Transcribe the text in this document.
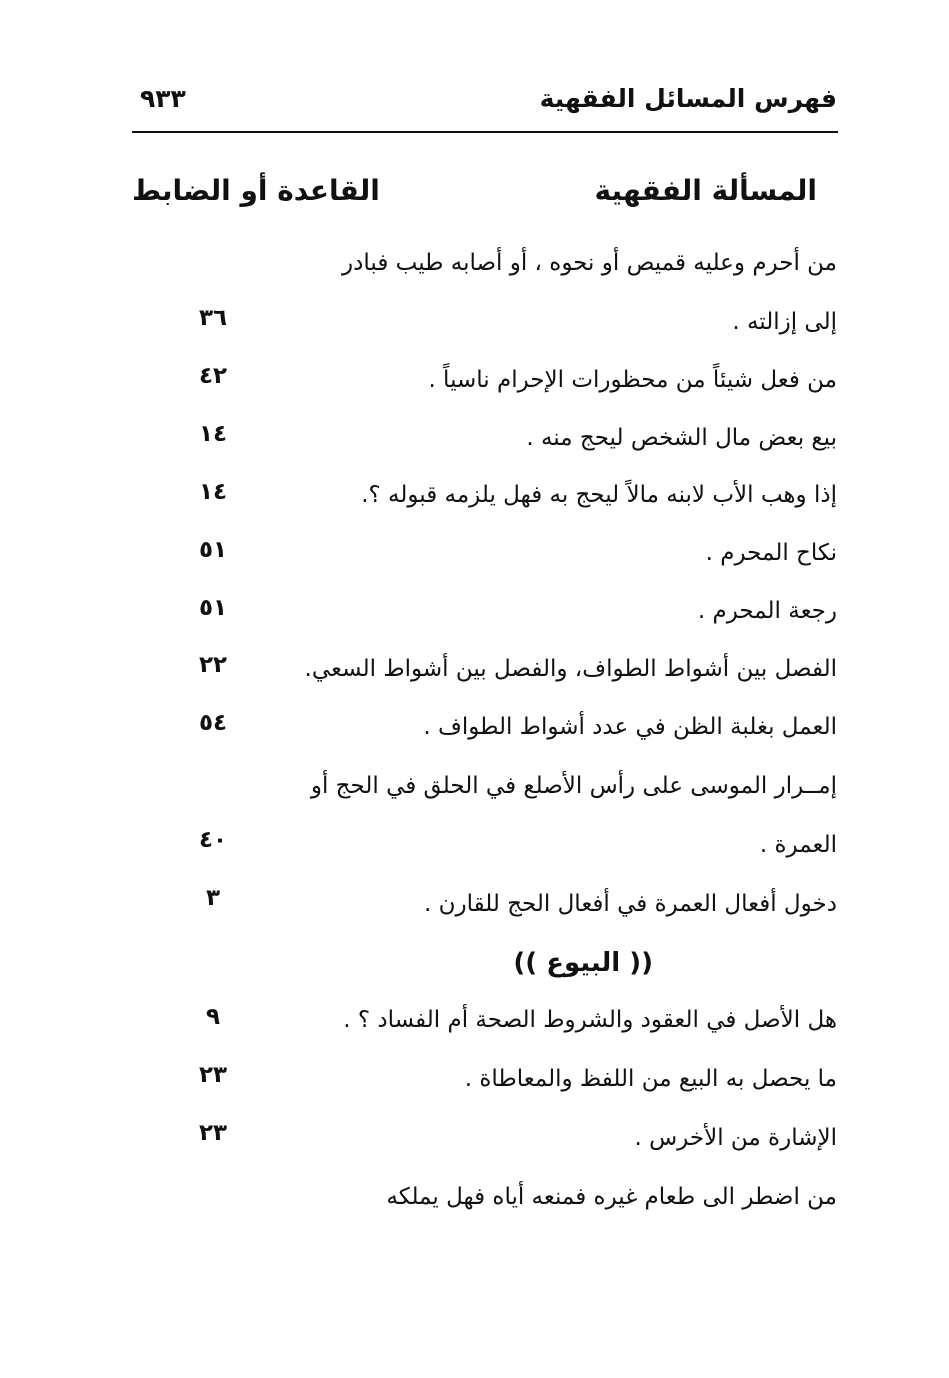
فهرس المسائل الفقهية
٩٣٣
المسألة الفقهية
القاعدة أو الضابط
من أحرم وعليه قميص أو نحوه ، أو أصابه طيب فبادر
إلى إزالته .
٣٦
من فعل شيئاً من محظورات الإحرام ناسياً .
٤٢
بيع بعض مال الشخص ليحج منه .
١٤
إذا وهب الأب لابنه مالاً ليحج به فهل يلزمه قبوله ؟.
١٤
نكاح المحرم .
٥١
رجعة المحرم .
٥١
الفصل بين أشواط الطواف، والفصل بين أشواط السعي.
٢٢
العمل بغلبة الظن في عدد أشواط الطواف .
٥٤
إمــرار الموسى على رأس الأصلع في الحلق في الحج أو
العمرة .
٤٠
دخول أفعال العمرة في أفعال الحج للقارن .
٣
(( البيوع ))
هل الأصل في العقود والشروط الصحة أم الفساد ؟ .
٩
ما يحصل به البيع من اللفظ والمعاطاة .
٢٣
الإشارة من الأخرس .
٢٣
من اضطر الى طعام غيره فمنعه أياه فهل يملكه
